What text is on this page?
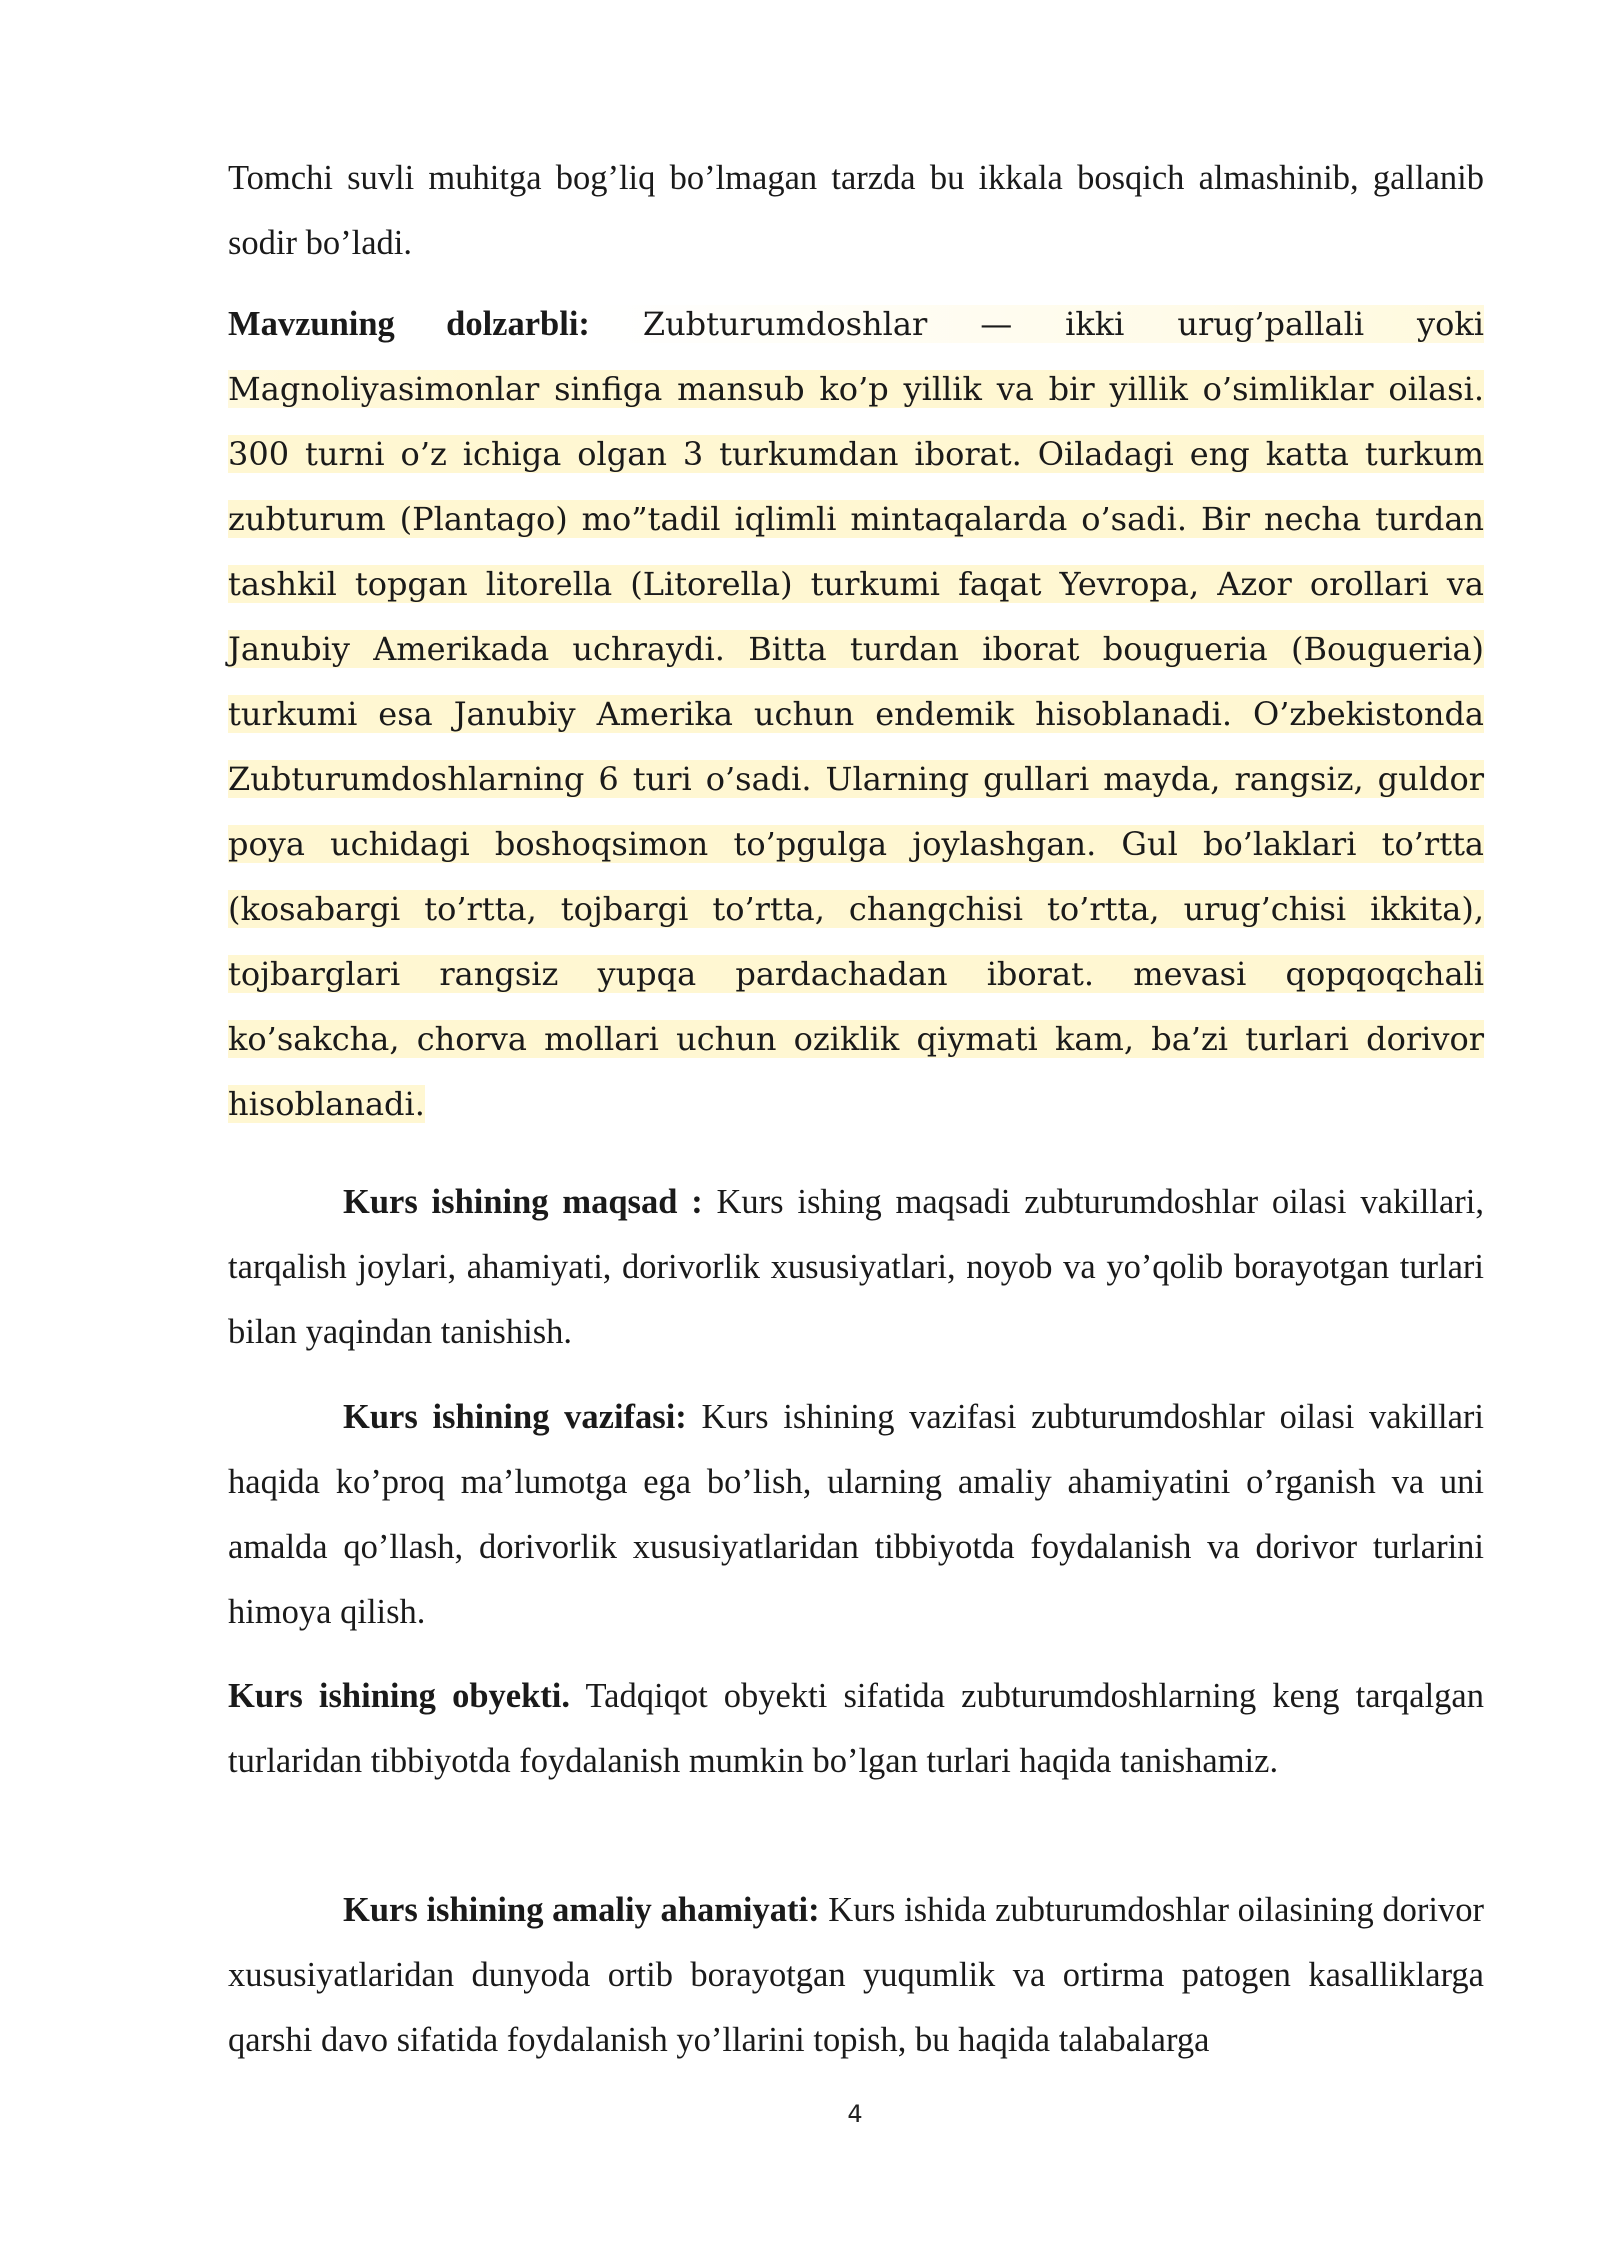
Tomchi suvli muhitga bog’liq bo’lmagan tarzda bu ikkala bosqich almashinib, gallanib sodir bo’ladi.

Mavzuning dolzarbli: Zubturumdoshlar — ikki urug’pallali yoki Magnoliyasimonlar sinfiga mansub ko’p yillik va bir yillik o’simliklar oilasi. 300 turni o’z ichiga olgan 3 turkumdan iborat. Oiladagi eng katta turkum zubturum (Plantago) mo”tadil iqlimli mintaqalarda o’sadi. Bir necha turdan tashkil topgan litorella (Litorella) turkumi faqat Yevropa, Azor orollari va Janubiy Amerikada uchraydi. Bitta turdan iborat bougueria (Bougueria) turkumi esa Janubiy Amerika uchun endemik hisoblanadi. O’zbekistonda Zubturumdoshlarning 6 turi o’sadi. Ularning gullari mayda, rangsiz, guldor poya uchidagi boshoqsimon to’pgulga joylashgan. Gul bo’laklari to’rtta (kosabargi to’rtta, tojbargi to’rtta, changchisi to’rtta, urug’chisi ikkita), tojbarglari rangsiz yupqa pardachadan iborat. mevasi qopqoqchali ko’sakcha, chorva mollari uchun oziklik qiymati kam, ba’zi turlari dorivor hisoblanadi.

Kurs ishining maqsad : Kurs ishing maqsadi zubturumdoshlar oilasi vakillari, tarqalish joylari, ahamiyati, dorivorlik xususiyatlari, noyob va yo’qolib borayotgan turlari bilan yaqindan tanishish.

Kurs ishining vazifasi: Kurs ishining vazifasi zubturumdoshlar oilasi vakillari haqida ko’proq ma’lumotga ega bo’lish, ularning amaliy ahamiyatini o’rganish va uni amalda qo’llash, dorivorlik xususiyatlaridan tibbiyotda foydalanish va dorivor turlarini himoya qilish.

Kurs ishining obyekti. Tadqiqot obyekti sifatida zubturumdoshlarning keng tarqalgan turlaridan tibbiyotda foydalanish mumkin bo’lgan turlari haqida tanishamiz.

Kurs ishining amaliy ahamiyati: Kurs ishida zubturumdoshlar oilasining dorivor xususiyatlaridan dunyoda ortib borayotgan yuqumlik va ortirma patogen kasalliklarga qarshi davo sifatida foydalanish yo’llarini topish, bu haqida talabalarga

4
